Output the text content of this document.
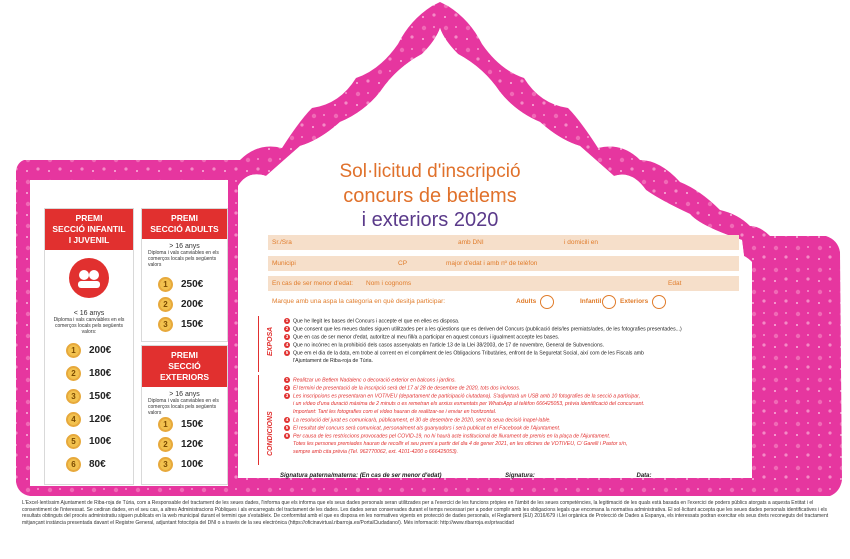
Sol·licitud d'inscripció
concurs de betlems
i exteriors 2020
PREMI
SECCIÓ INFANTIL
I JUVENIL
< 16 anys
Diploma i vals canviables en els comerços locals pels següents valors:
1	200€
2	180€
3	150€
4	120€
5	100€
6	80€
PREMI
SECCIÓ ADULTS
> 16 anys
Diploma i vals canviables en els comerços locals pels següents valors
1	250€
2	200€
3	150€
PREMI
SECCIÓ EXTERIORS
> 16 anys
Diploma i vals canviables en els comerços locals pels següents valors
1	150€
2	120€
3	100€
Sr./Sra	amb DNI	i domicili en
Municipi	CP	major d'edat i amb nº de telèfon
En cas de ser menor d'edat: Nom i cognoms	Edat
Marque amb una aspa la categoria en què desitja participar:	Adults	Infantil	Exteriors
EXPOSA
1 Que he llegit les bases del Concurs i accepte el que en elles es disposa.
2 Que consent que les meues dades siguen utilitzades per a les qüestions que es deriven del Concurs (publicació dels/les premiats/ades, de les fotografies presentades...)
3 Que en cas de ser menor d'edat, autoritze al meu fill/a a participar en aquest concurs i igualment accepte les bases.
4 Que no incórrec en la prohibició dels casos assenyalats en l'article 13 de la Llei 38/2003, de 17 de novembre, General de Subvencions.
5 Que em el dia de la data, em trobe al corrent en el compliment de les Obligacions Tributàries, enfront de la Seguretat Social, així com de les Fiscals amb
l'Ajuntament de Riba-roja de Túria.
CONDICIONS
1 Realitzar un Betlem Nadalenc o decoració exterior en balcons i jardins.
2 El termini de presentació de la inscripció serà del 17 al 28 de desembre de 2020, tots dos inclosos.
3 Les inscripcions es presentaran en VOTIVEU (departament de participació ciutadana). S'adjuntarà un USB amb 10 fotografies de la secció a participar,
i un vídeo d'una duració màxima de 2 minuts o es remetran els arxius esmentats per WhatsApp al telèfon 666425053, prèvia identificació del concursant.
Important: Tant les fotografies com el vídeo hauran de realitzar-se i enviar en horitzontal.
4 La resolució del jurat es comunicarà, públicament, el 30 de desembre de 2020, sent la seua decisió inapel·lable.
5 El resultat del concurs serà comunicat, personalment als guanyadors i serà publicat en el Facebook de l'Ajuntament.
6 Per causa de les restriccions provocades pel COVID-19, no hi haurà acte institucional de lliurament de premis en la plaça de l'Ajuntament.
Totes les persones premiades hauran de recollir el seu premi a partir del dia 4 de gener 2021, en les oficines de VOTIVEU, C/ Garelli i Pastor s/n,
sempre amb cita prèvia (Tel. 962770062, ext. 4101-4200 o 666425053).
Signatura paterna/materna: (En cas de ser menor d'edat)	Signatura:	Data:
L'Excel·lentíssim Ajuntament de Riba-roja de Túria, com a Responsable del tractament de les seues dades, l'informa que els informa que els seus dades personals seran utilitzades per a l'exercici de les funcions pròpies en l'àmbit de les seues competències, la legitimació de les quals està basada en l'exercici de poders públics atorgats a aquesta Entitat i el consentiment de l'interessat. Se cediran dades, en el seu cas, a altres Administracions Públiques i als encarregats del tractament de les dades. Les dades seran conservades durant el temps necessari per a poder complir amb les obligacions legals que encomana la normativa administrativa. El sol·licitant accepta que les seues dades personals identificatives i els resultats obtinguts del procés administratiu siguen publicats en la web municipal durant el termini que s'estableix. De conformitat amb el que es disposa en les normatives vigents en protecció de dades personals, el Reglament (EU) 2016/679 i Llei orgànica de Protecció de Dades a Espanya, els interessats podran exercitar els seus drets reconeguts del tractament mitjançant instància presentada davant el Registre General, adjuntant fotocòpia del DNI o a través de la seu electrònica (https://oficinavirtual.ribarroja.es/PortalCiudadano/). Més informació: http://www.ribarroja.es/privacidad
